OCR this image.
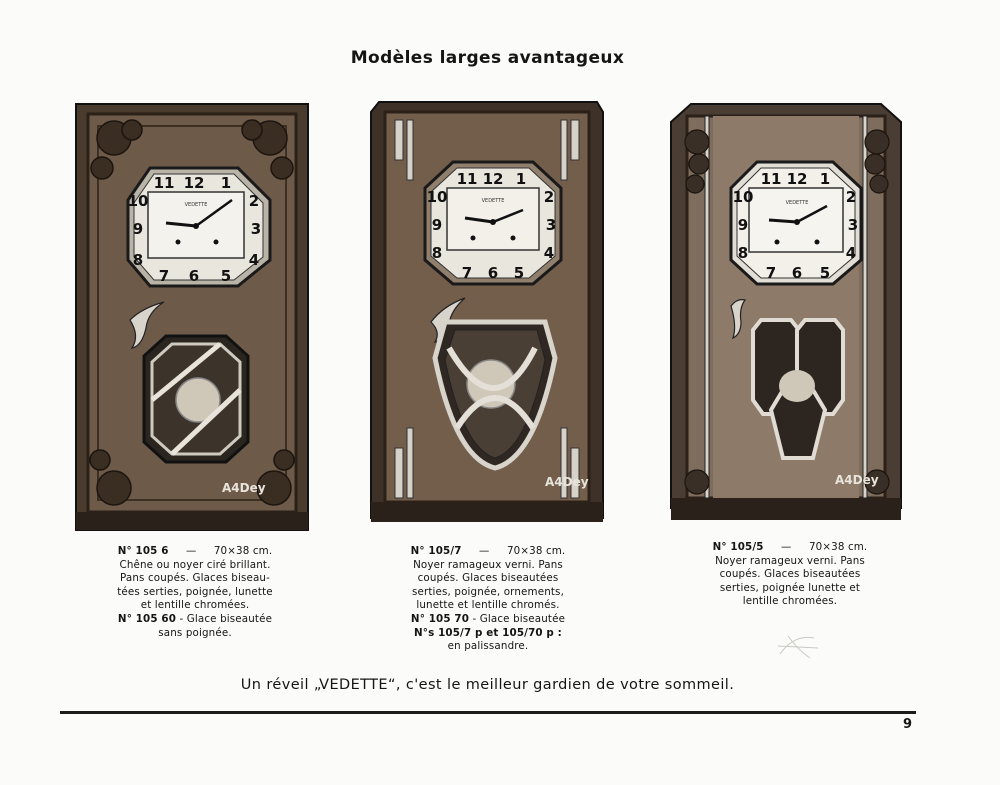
Modèles larges avantageux
12 1
2
3
4
5
6
7
8
9
10
11
VEDETTE
A4Dey
N° 105 6 — 70×38 cm.
Chêne ou noyer ciré brillant.
Pans coupés. Glaces biseau-
tées serties, poignée, lunette
et lentille chromées.
N° 105 60 - Glace biseautée
sans poignée.
12 1
2
3
4
5
6
7
8
9
10
11
VEDETTE
A4Dey
N° 105/7 — 70×38 cm.
Noyer ramageux verni. Pans
coupés. Glaces biseautées
serties, poignée, ornements,
lunette et lentille chromés.
N° 105 70 - Glace biseautée
N°s 105/7 p et 105/70 p :
en palissandre.
12 1
2
3
4
5
6
7
8
9
10
11
VEDETTE
A4Dey
N° 105/5 — 70×38 cm.
Noyer ramageux verni. Pans
coupés. Glaces biseautées
serties, poignée lunette et
lentille chromées.
Un réveil „VEDETTE“, c'est le meilleur gardien de votre sommeil.
9
